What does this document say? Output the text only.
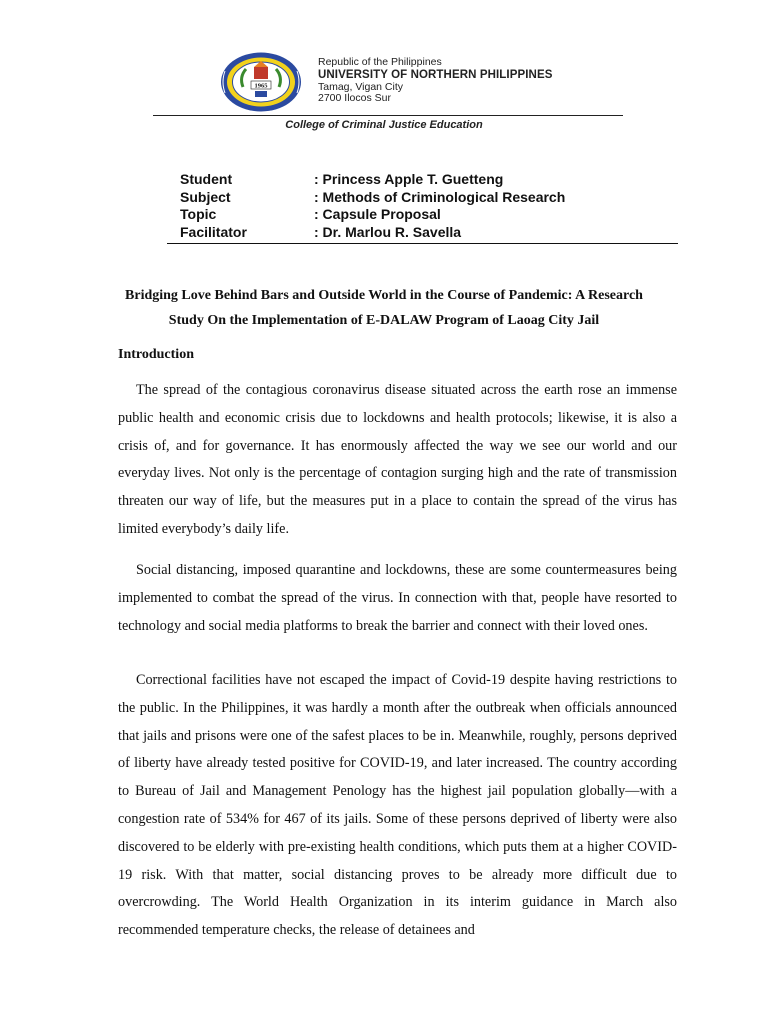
1965
Republic of the Philippines
UNIVERSITY OF NORTHERN PHILIPPINES
Tamag, Vigan City
2700 Ilocos Sur
College of Criminal Justice Education
Student	: Princess Apple T. Guetteng
Subject	: Methods of Criminological Research
Topic	: Capsule Proposal
Facilitator	: Dr. Marlou R. Savella
Bridging Love Behind Bars and Outside World in the Course of Pandemic: A Research
Study On the Implementation of E-DALAW Program of Laoag City Jail
Introduction

The spread of the contagious coronavirus disease situated across the earth rose an immense public health and economic crisis due to lockdowns and health protocols; likewise, it is also a crisis of, and for governance. It has enormously affected the way we see our world and our everyday lives. Not only is the percentage of contagion surging high and the rate of transmission threaten our way of life, but the measures put in a place to contain the spread of the virus has limited everybody’s daily life.

Social distancing, imposed quarantine and lockdowns, these are some countermeasures being implemented to combat the spread of the virus. In connection with that, people have resorted to technology and social media platforms to break the barrier and connect with their loved ones.

Correctional facilities have not escaped the impact of Covid-19 despite having restrictions to the public. In the Philippines, it was hardly a month after the outbreak when officials announced that jails and prisons were one of the safest places to be in. Meanwhile, roughly, persons deprived of liberty have already tested positive for COVID-19, and later increased. The country according to Bureau of Jail and Management Penology has the highest jail population globally—with a congestion rate of 534% for 467 of its jails. Some of these persons deprived of liberty were also discovered to be elderly with pre-existing health conditions, which puts them at a higher COVID-19 risk. With that matter, social distancing proves to be already more difficult due to overcrowding. The World Health Organization in its interim guidance in March also recommended temperature checks, the release of detainees and
